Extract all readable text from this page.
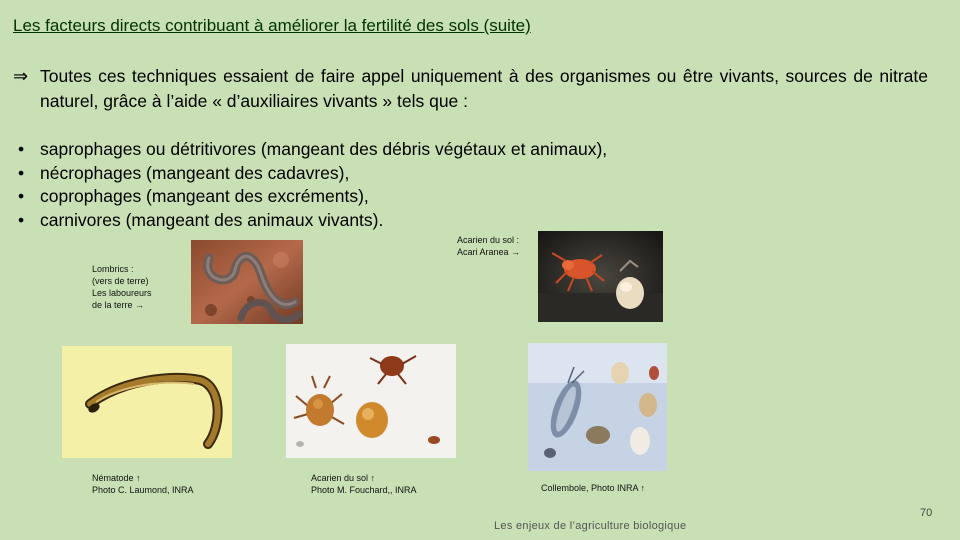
Les facteurs directs contribuant à améliorer la fertilité des sols (suite)
⇒ Toutes ces techniques essaient de faire appel uniquement à des organismes ou être vivants, sources de nitrate naturel, grâce à l’aide « d’auxiliaires vivants » tels que :
• saprophages ou détritivores (mangeant des débris végétaux et animaux),
• nécrophages (mangeant des cadavres),
• coprophages (mangeant des excréments),
• carnivores (mangeant des animaux vivants).
Acarien du sol :
Acari Aranea →
Lombrics :
(vers de terre)
Les laboureurs
de la terre →
Nématode ↑
Photo C. Laumond, INRA
Acarien du sol ↑
Photo M. Fouchard,, INRA	Collembole, Photo INRA ↑
70
Les enjeux de l’agriculture biologique
